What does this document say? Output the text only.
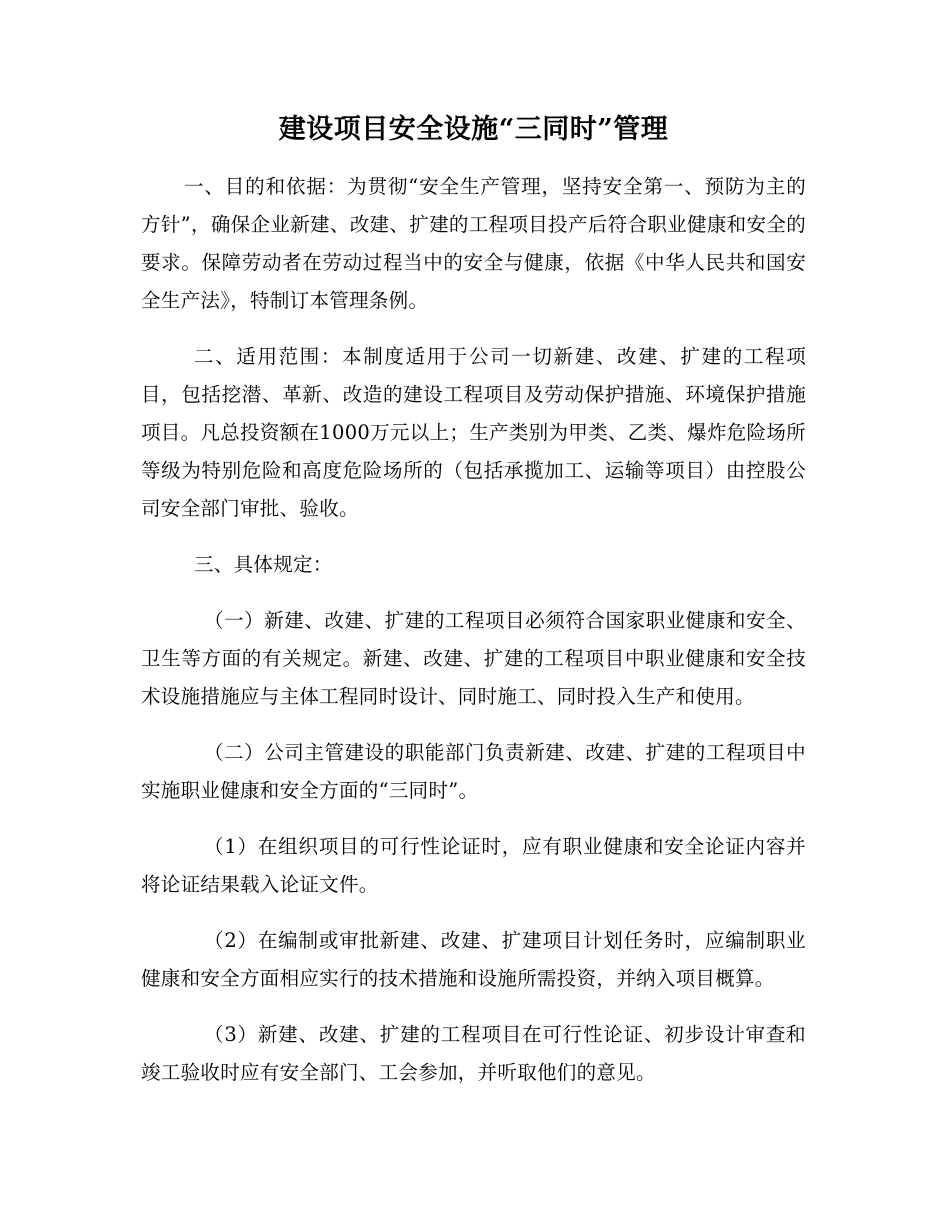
建设项目安全设施“三同时”管理

一、目的和依据：为贯彻“安全生产管理，坚持安全第一、预防为主的方针”，确保企业新建、改建、扩建的工程项目投产后符合职业健康和安全的要求。保障劳动者在劳动过程当中的安全与健康，依据《中华人民共和国安全生产法》，特制订本管理条例。

二、适用范围：本制度适用于公司一切新建、改建、扩建的工程项目，包括挖潜、革新、改造的建设工程项目及劳动保护措施、环境保护措施项目。凡总投资额在1000万元以上；生产类别为甲类、乙类、爆炸危险场所等级为特别危险和高度危险场所的（包括承揽加工、运输等项目）由控股公司安全部门审批、验收。

三、具体规定：

（一）新建、改建、扩建的工程项目必须符合国家职业健康和安全、卫生等方面的有关规定。新建、改建、扩建的工程项目中职业健康和安全技术设施措施应与主体工程同时设计、同时施工、同时投入生产和使用。

（二）公司主管建设的职能部门负责新建、改建、扩建的工程项目中实施职业健康和安全方面的“三同时”。

（1）在组织项目的可行性论证时，应有职业健康和安全论证内容并将论证结果载入论证文件。

（2）在编制或审批新建、改建、扩建项目计划任务时，应编制职业健康和安全方面相应实行的技术措施和设施所需投资，并纳入项目概算。

（3）新建、改建、扩建的工程项目在可行性论证、初步设计审查和竣工验收时应有安全部门、工会参加，并听取他们的意见。
